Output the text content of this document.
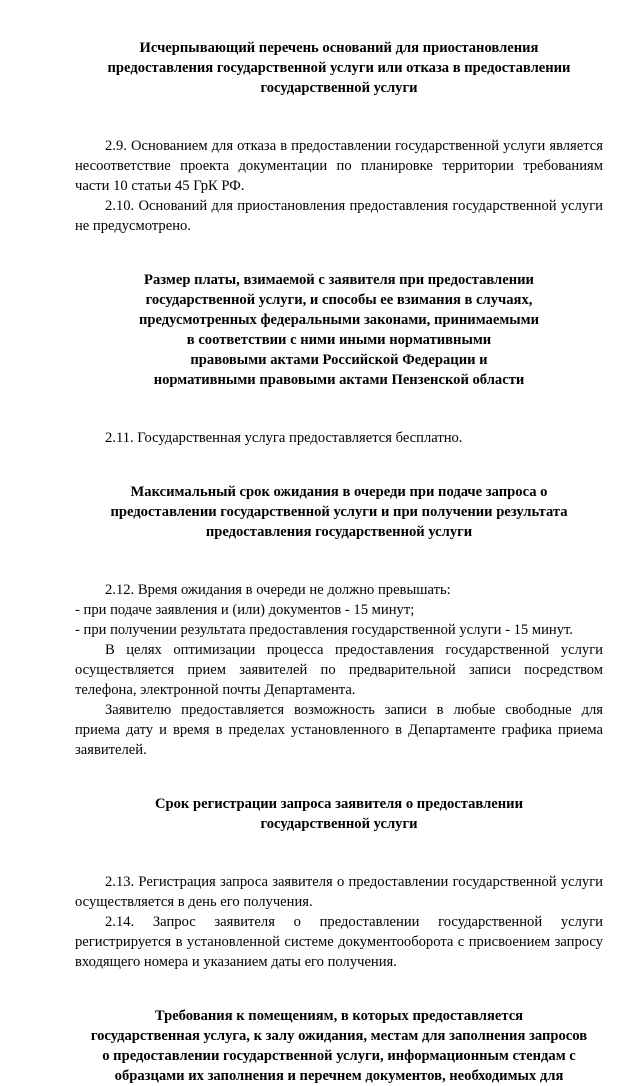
Исчерпывающий перечень оснований для приостановления
предоставления государственной услуги или отказа в предоставлении
государственной услуги

2.9. Основанием для отказа в предоставлении государственной услуги является несоответствие проекта документации по планировке территории требованиям части 10 статьи 45 ГрК РФ.

2.10. Оснований для приостановления предоставления государственной услуги не предусмотрено.

Размер платы, взимаемой с заявителя при предоставлении
государственной услуги, и способы ее взимания в случаях,
предусмотренных федеральными законами, принимаемыми
в соответствии с ними иными нормативными
правовыми актами Российской Федерации и
нормативными правовыми актами Пензенской области

2.11. Государственная услуга предоставляется бесплатно.

Максимальный срок ожидания в очереди при подаче запроса о
предоставлении государственной услуги и при получении результата
предоставления государственной услуги

2.12. Время ожидания в очереди не должно превышать:

- при подаче заявления и (или) документов - 15 минут;

- при получении результата предоставления государственной услуги - 15 минут.

В целях оптимизации процесса предоставления государственной услуги осуществляется прием заявителей по предварительной записи посредством телефона, электронной почты Департамента.

Заявителю предоставляется возможность записи в любые свободные для приема дату и время в пределах установленного в Департаменте графика приема заявителей.

Срок регистрации запроса заявителя о предоставлении
государственной услуги

2.13. Регистрация запроса заявителя о предоставлении государственной услуги осуществляется в день его получения.

2.14. Запрос заявителя о предоставлении государственной услуги регистрируется в установленной системе документооборота с присвоением запросу входящего номера и указанием даты его получения.

Требования к помещениям, в которых предоставляется
государственная услуга, к залу ожидания, местам для заполнения запросов
о предоставлении государственной услуги, информационным стендам с
образцами их заполнения и перечнем документов, необходимых для
